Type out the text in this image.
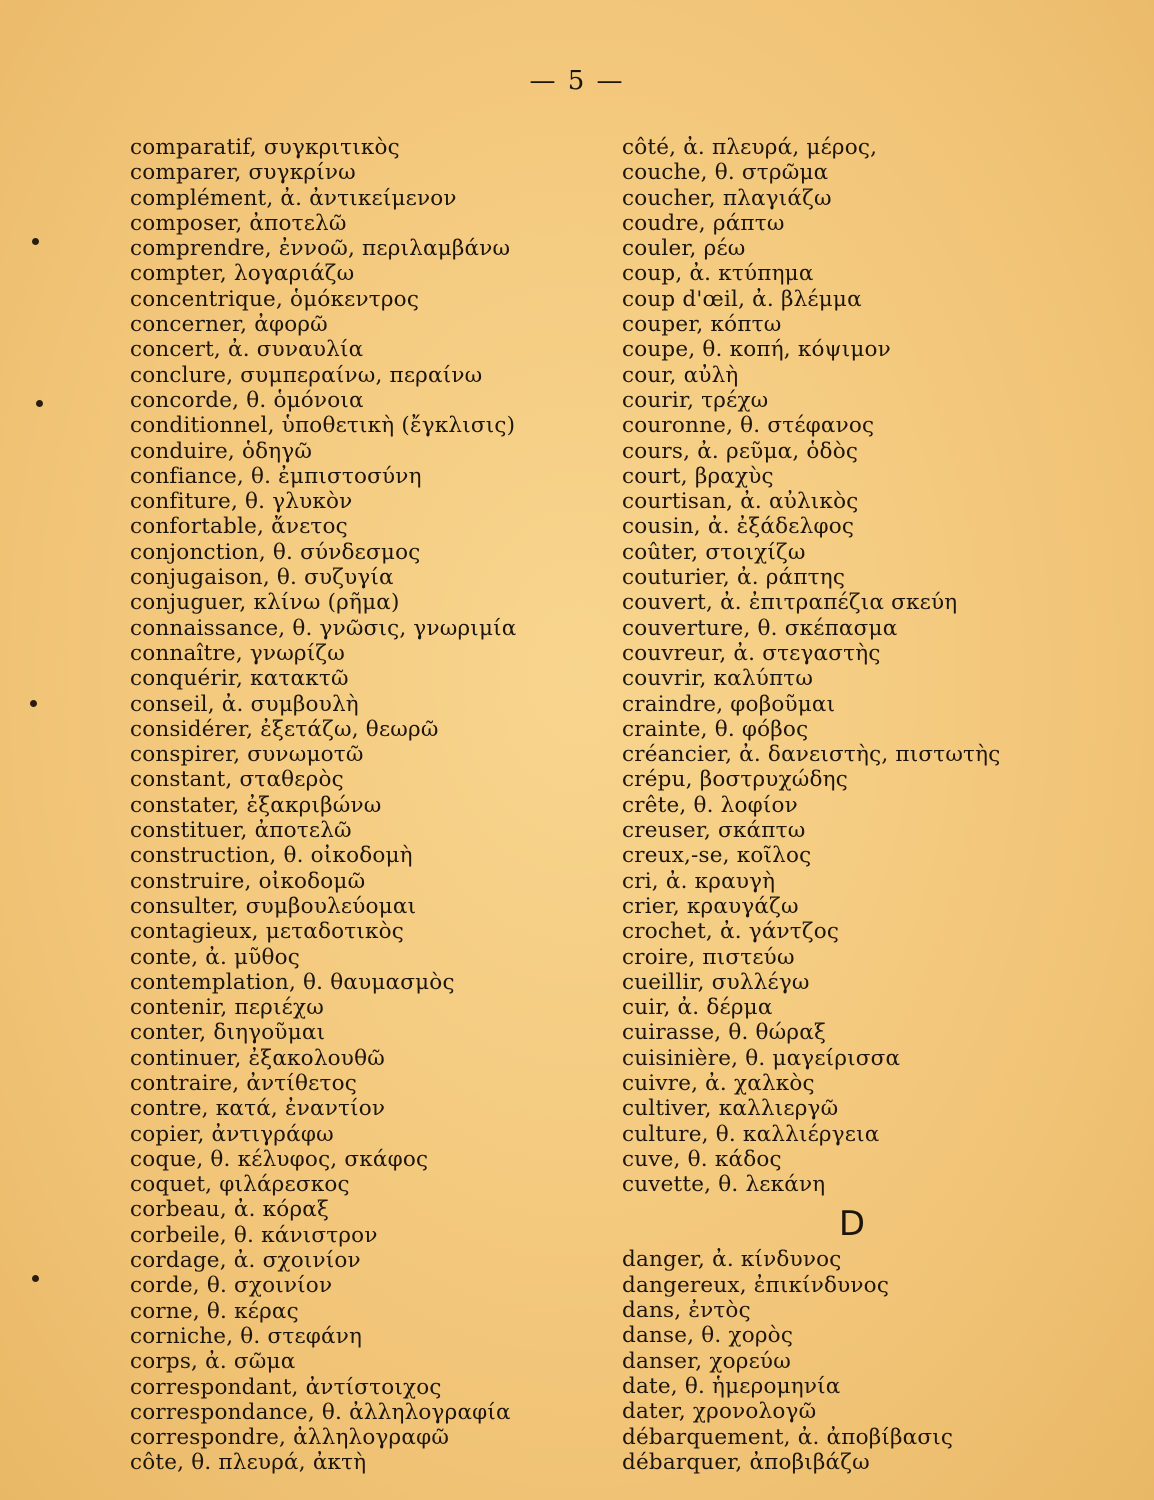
— 5 —
comparatif, συγκριτικὸς
comparer, συγκρίνω
complément, ἀ. ἀντικείμενον
composer, ἀποτελῶ
comprendre, ἐννοῶ, περιλαμβάνω
compter, λογαριάζω
concentrique, ὁμόκεντρος
concerner, ἀφορῶ
concert, ἀ. συναυλία
conclure, συμπεραίνω, περαίνω
concorde, θ. ὁμόνοια
conditionnel, ὑποθετικὴ (ἔγκλισις)
conduire, ὁδηγῶ
confiance, θ. ἐμπιστοσύνη
confiture, θ. γλυκὸν
confortable, ἄνετος
conjonction, θ. σύνδεσμος
conjugaison, θ. συζυγία
conjuguer, κλίνω (ρῆμα)
connaissance, θ. γνῶσις, γνωριμία
connaître, γνωρίζω
conquérir, κατακτῶ
conseil, ἀ. συμβουλὴ
considérer, ἐξετάζω, θεωρῶ
conspirer, συνωμοτῶ
constant, σταθερὸς
constater, ἐξακριβώνω
constituer, ἀποτελῶ
construction, θ. οἰκοδομὴ
construire, οἰκοδομῶ
consulter, συμβουλεύομαι
contagieux, μεταδοτικὸς
conte, ἀ. μῦθος
contemplation, θ. θαυμασμὸς
contenir, περιέχω
conter, διηγοῦμαι
continuer, ἐξακολουθῶ
contraire, ἀντίθετος
contre, κατά, ἐναντίον
copier, ἀντιγράφω
coque, θ. κέλυφος, σκάφος
coquet, φιλάρεσκος
corbeau, ἀ. κόραξ
corbeile, θ. κάνιστρον
cordage, ἀ. σχοινίον
corde, θ. σχοινίον
corne, θ. κέρας
corniche, θ. στεφάνη
corps, ἀ. σῶμα
correspondant, ἀντίστοιχος
correspondance, θ. ἀλληλογραφία
correspondre, ἀλληλογραφῶ
côte, θ. πλευρά, ἀκτὴ
côté, ἀ. πλευρά, μέρος,
couche, θ. στρῶμα
coucher, πλαγιάζω
coudre, ράπτω
couler, ρέω
coup, ἀ. κτύπημα
coup d'œil, ἀ. βλέμμα
couper, κόπτω
coupe, θ. κοπή, κόψιμον
cour, αὐλὴ
courir, τρέχω
couronne, θ. στέφανος
cours, ἀ. ρεῦμα, ὁδὸς
court, βραχὺς
courtisan, ἀ. αὐλικὸς
cousin, ἀ. ἐξάδελφος
coûter, στοιχίζω
couturier, ἀ. ράπτης
couvert, ἀ. ἐπιτραπέζια σκεύη
couverture, θ. σκέπασμα
couvreur, ἀ. στεγαστὴς
couvrir, καλύπτω
craindre, φοβοῦμαι
crainte, θ. φόβος
créancier, ἀ. δανειστὴς, πιστωτὴς
crépu, βοστρυχώδης
crête, θ. λοφίον
creuser, σκάπτω
creux,-se, κοῖλος
cri, ἀ. κραυγὴ
crier, κραυγάζω
crochet, ἀ. γάντζος
croire, πιστεύω
cueillir, συλλέγω
cuir, ἀ. δέρμα
cuirasse, θ. θώραξ
cuisinière, θ. μαγείρισσα
cuivre, ἀ. χαλκὸς
cultiver, καλλιεργῶ
culture, θ. καλλιέργεια
cuve, θ. κάδος
cuvette, θ. λεκάνη
D
danger, ἀ. κίνδυνος
dangereux, ἐπικίνδυνος
dans, ἐντὸς
danse, θ. χορὸς
danser, χορεύω
date, θ. ἡμερομηνία
dater, χρονολογῶ
débarquement, ἀ. ἀποβίβασις
débarquer, ἀποβιβάζω
